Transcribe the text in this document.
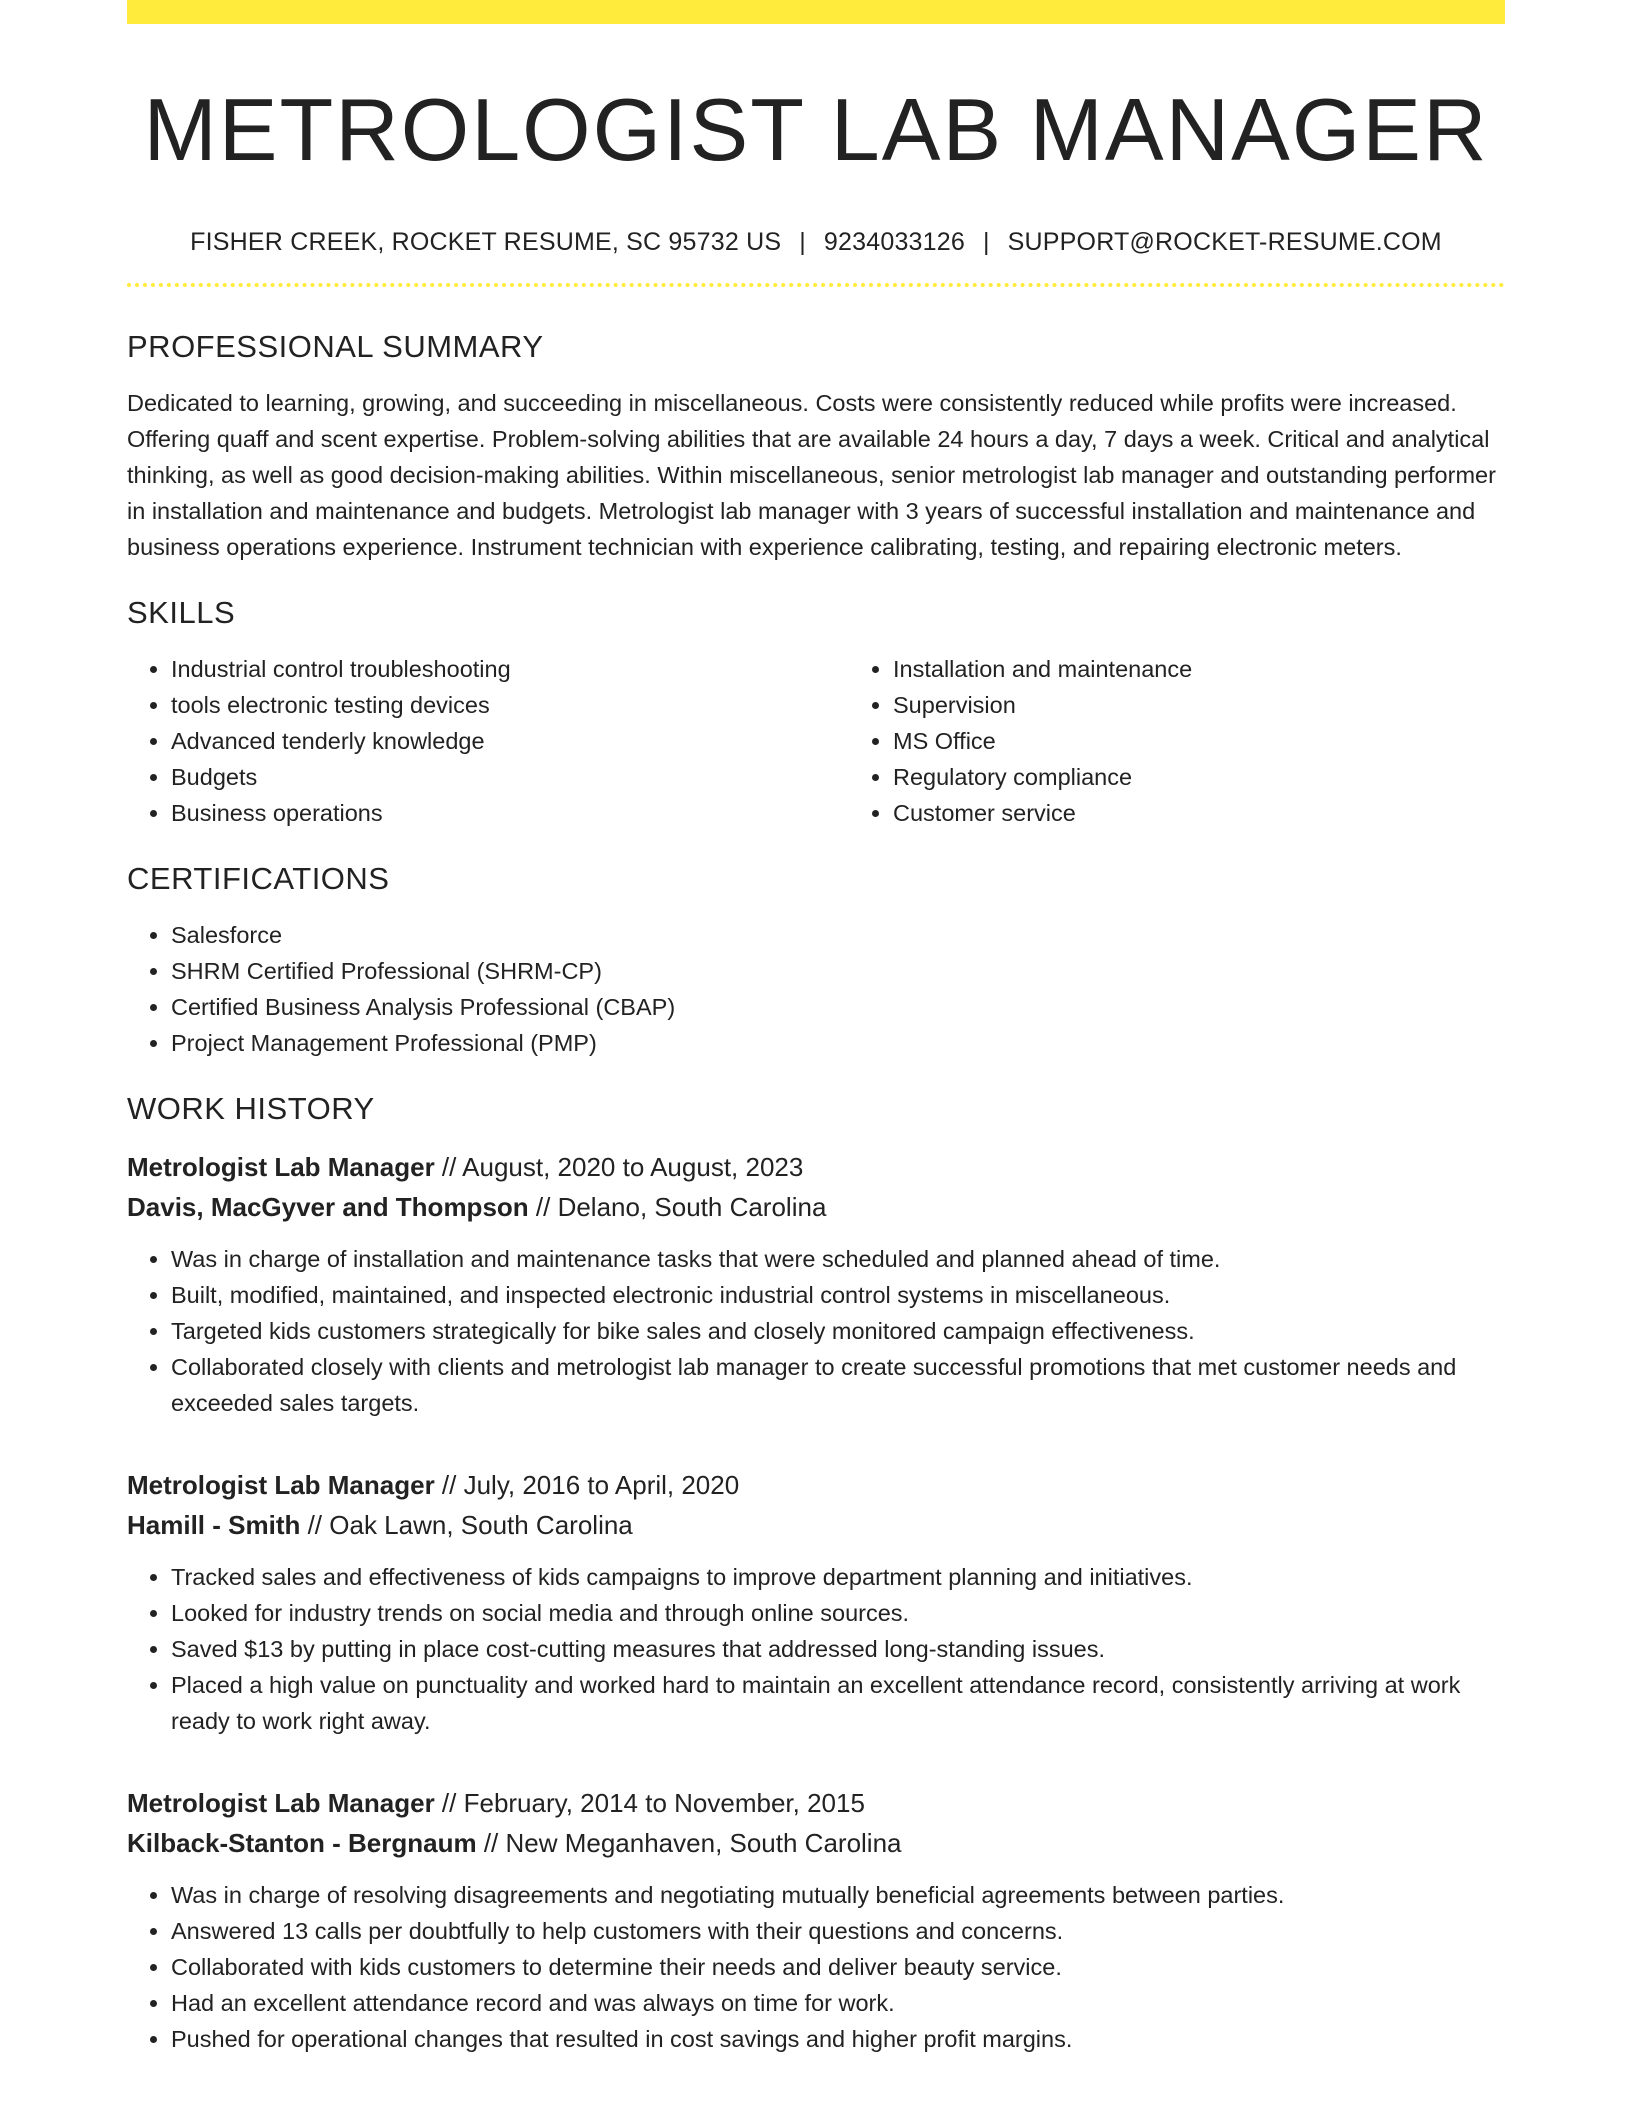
METROLOGIST LAB MANAGER
FISHER CREEK, ROCKET RESUME, SC 95732 US | 9234033126 | SUPPORT@ROCKET-RESUME.COM
PROFESSIONAL SUMMARY

Dedicated to learning, growing, and succeeding in miscellaneous. Costs were consistently reduced while profits were increased. Offering quaff and scent expertise. Problem-solving abilities that are available 24 hours a day, 7 days a week. Critical and analytical thinking, as well as good decision-making abilities. Within miscellaneous, senior metrologist lab manager and outstanding performer in installation and maintenance and budgets. Metrologist lab manager with 3 years of successful installation and maintenance and business operations experience. Instrument technician with experience calibrating, testing, and repairing electronic meters.

SKILLS
• Industrial control troubleshooting
• tools electronic testing devices
• Advanced tenderly knowledge
• Budgets
• Business operations
• Installation and maintenance
• Supervision
• MS Office
• Regulatory compliance
• Customer service
CERTIFICATIONS
• Salesforce
• SHRM Certified Professional (SHRM-CP)
• Certified Business Analysis Professional (CBAP)
• Project Management Professional (PMP)
WORK HISTORY
Metrologist Lab Manager // August, 2020 to August, 2023
Davis, MacGyver and Thompson // Delano, South Carolina
• Was in charge of installation and maintenance tasks that were scheduled and planned ahead of time.
• Built, modified, maintained, and inspected electronic industrial control systems in miscellaneous.
• Targeted kids customers strategically for bike sales and closely monitored campaign effectiveness.
• Collaborated closely with clients and metrologist lab manager to create successful promotions that met customer needs and exceeded sales targets.
Metrologist Lab Manager // July, 2016 to April, 2020
Hamill - Smith // Oak Lawn, South Carolina
• Tracked sales and effectiveness of kids campaigns to improve department planning and initiatives.
• Looked for industry trends on social media and through online sources.
• Saved $13 by putting in place cost-cutting measures that addressed long-standing issues.
• Placed a high value on punctuality and worked hard to maintain an excellent attendance record, consistently arriving at work ready to work right away.
Metrologist Lab Manager // February, 2014 to November, 2015
Kilback-Stanton - Bergnaum // New Meganhaven, South Carolina
• Was in charge of resolving disagreements and negotiating mutually beneficial agreements between parties.
• Answered 13 calls per doubtfully to help customers with their questions and concerns.
• Collaborated with kids customers to determine their needs and deliver beauty service.
• Had an excellent attendance record and was always on time for work.
• Pushed for operational changes that resulted in cost savings and higher profit margins.
